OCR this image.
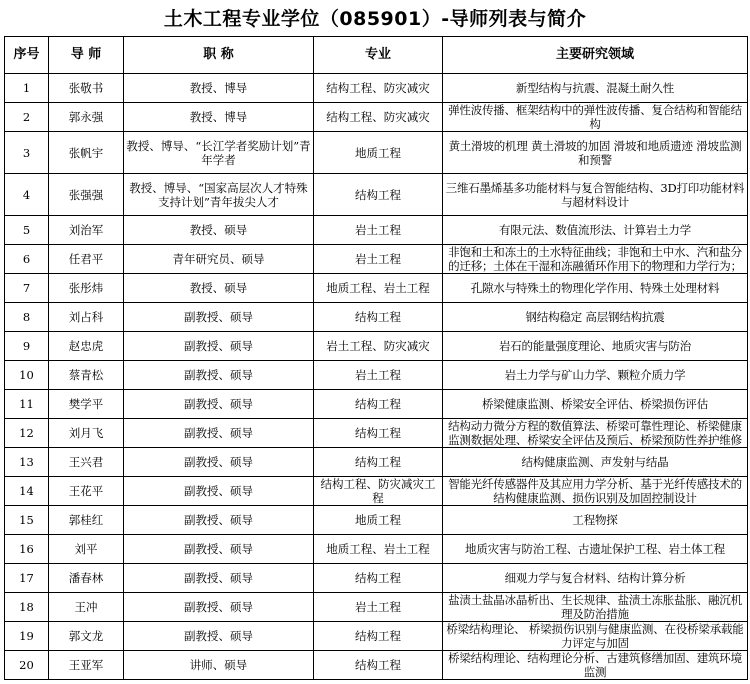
土木工程专业学位（085901）-导师列表与简介
序号	导 师	职 称	专业	主要研究领域
1	张敬书	教授、博导	结构工程、防灾减灾	新型结构与抗震、混凝土耐久性
2	郭永强	教授、博导	结构工程、防灾减灾	弹性波传播、框架结构中的弹性波传播、复合结构和智能结构
3	张帆宇	教授、博导、“长江学者奖励计划”青年学者	地质工程	黄土滑坡的机理 黄土滑坡的加固 滑坡和地质遗迹 滑坡监测和预警
4	张强强	教授、博导、“国家高层次人才特殊支持计划”青年拔尖人才	结构工程	三维石墨烯基多功能材料与复合智能结构、3D打印功能材料与超材料设计
5	刘治军	教授、硕导	岩土工程	有限元法、数值流形法、计算岩土力学
6	任君平	青年研究员、硕导	岩土工程	非饱和土和冻土的土水特征曲线；非饱和土中水、汽和盐分的迁移；土体在干湿和冻融循环作用下的物理和力学行为；
7	张彤炜	教授、硕导	地质工程、岩土工程	孔隙水与特殊土的物理化学作用、特殊土处理材料
8	刘占科	副教授、硕导	结构工程	钢结构稳定 高层钢结构抗震
9	赵忠虎	副教授、硕导	岩土工程、防灾减灾	岩石的能量强度理论、地质灾害与防治
10	蔡青松	副教授、硕导	岩土工程	岩土力学与矿山力学、颗粒介质力学
11	樊学平	副教授、硕导	结构工程	桥梁健康监测、桥梁安全评估、桥梁损伤评估
12	刘月飞	副教授、硕导	结构工程	结构动力微分方程的数值算法、桥梁可靠性理论、桥梁健康监测数据处理、桥梁安全评估及预后、桥梁预防性养护维修
13	王兴君	副教授、硕导	结构工程	结构健康监测、声发射与结晶
14	王花平	副教授、硕导	结构工程、防灾减灾工程	智能光纤传感器件及其应用力学分析、基于光纤传感技术的结构健康监测、损伤识别及加固控制设计
15	郭桂红	副教授、硕导	地质工程	工程物探
16	刘平	副教授、硕导	地质工程、岩土工程	地质灾害与防治工程、古遗址保护工程、岩土体工程
17	潘春林	副教授、硕导	结构工程	细观力学与复合材料、结构计算分析
18	王冲	副教授、硕导	岩土工程	盐渍土盐晶冰晶析出、生长规律、盐渍土冻胀盐胀、融沉机理及防治措施
19	郭文龙	副教授、硕导	结构工程	桥梁结构理论、 桥梁损伤识别与健康监测、在役桥梁承载能力评定与加固
20	王亚军	讲师、硕导	结构工程	桥梁结构理论、结构理论分析、古建筑修缮加固、建筑环境监测
